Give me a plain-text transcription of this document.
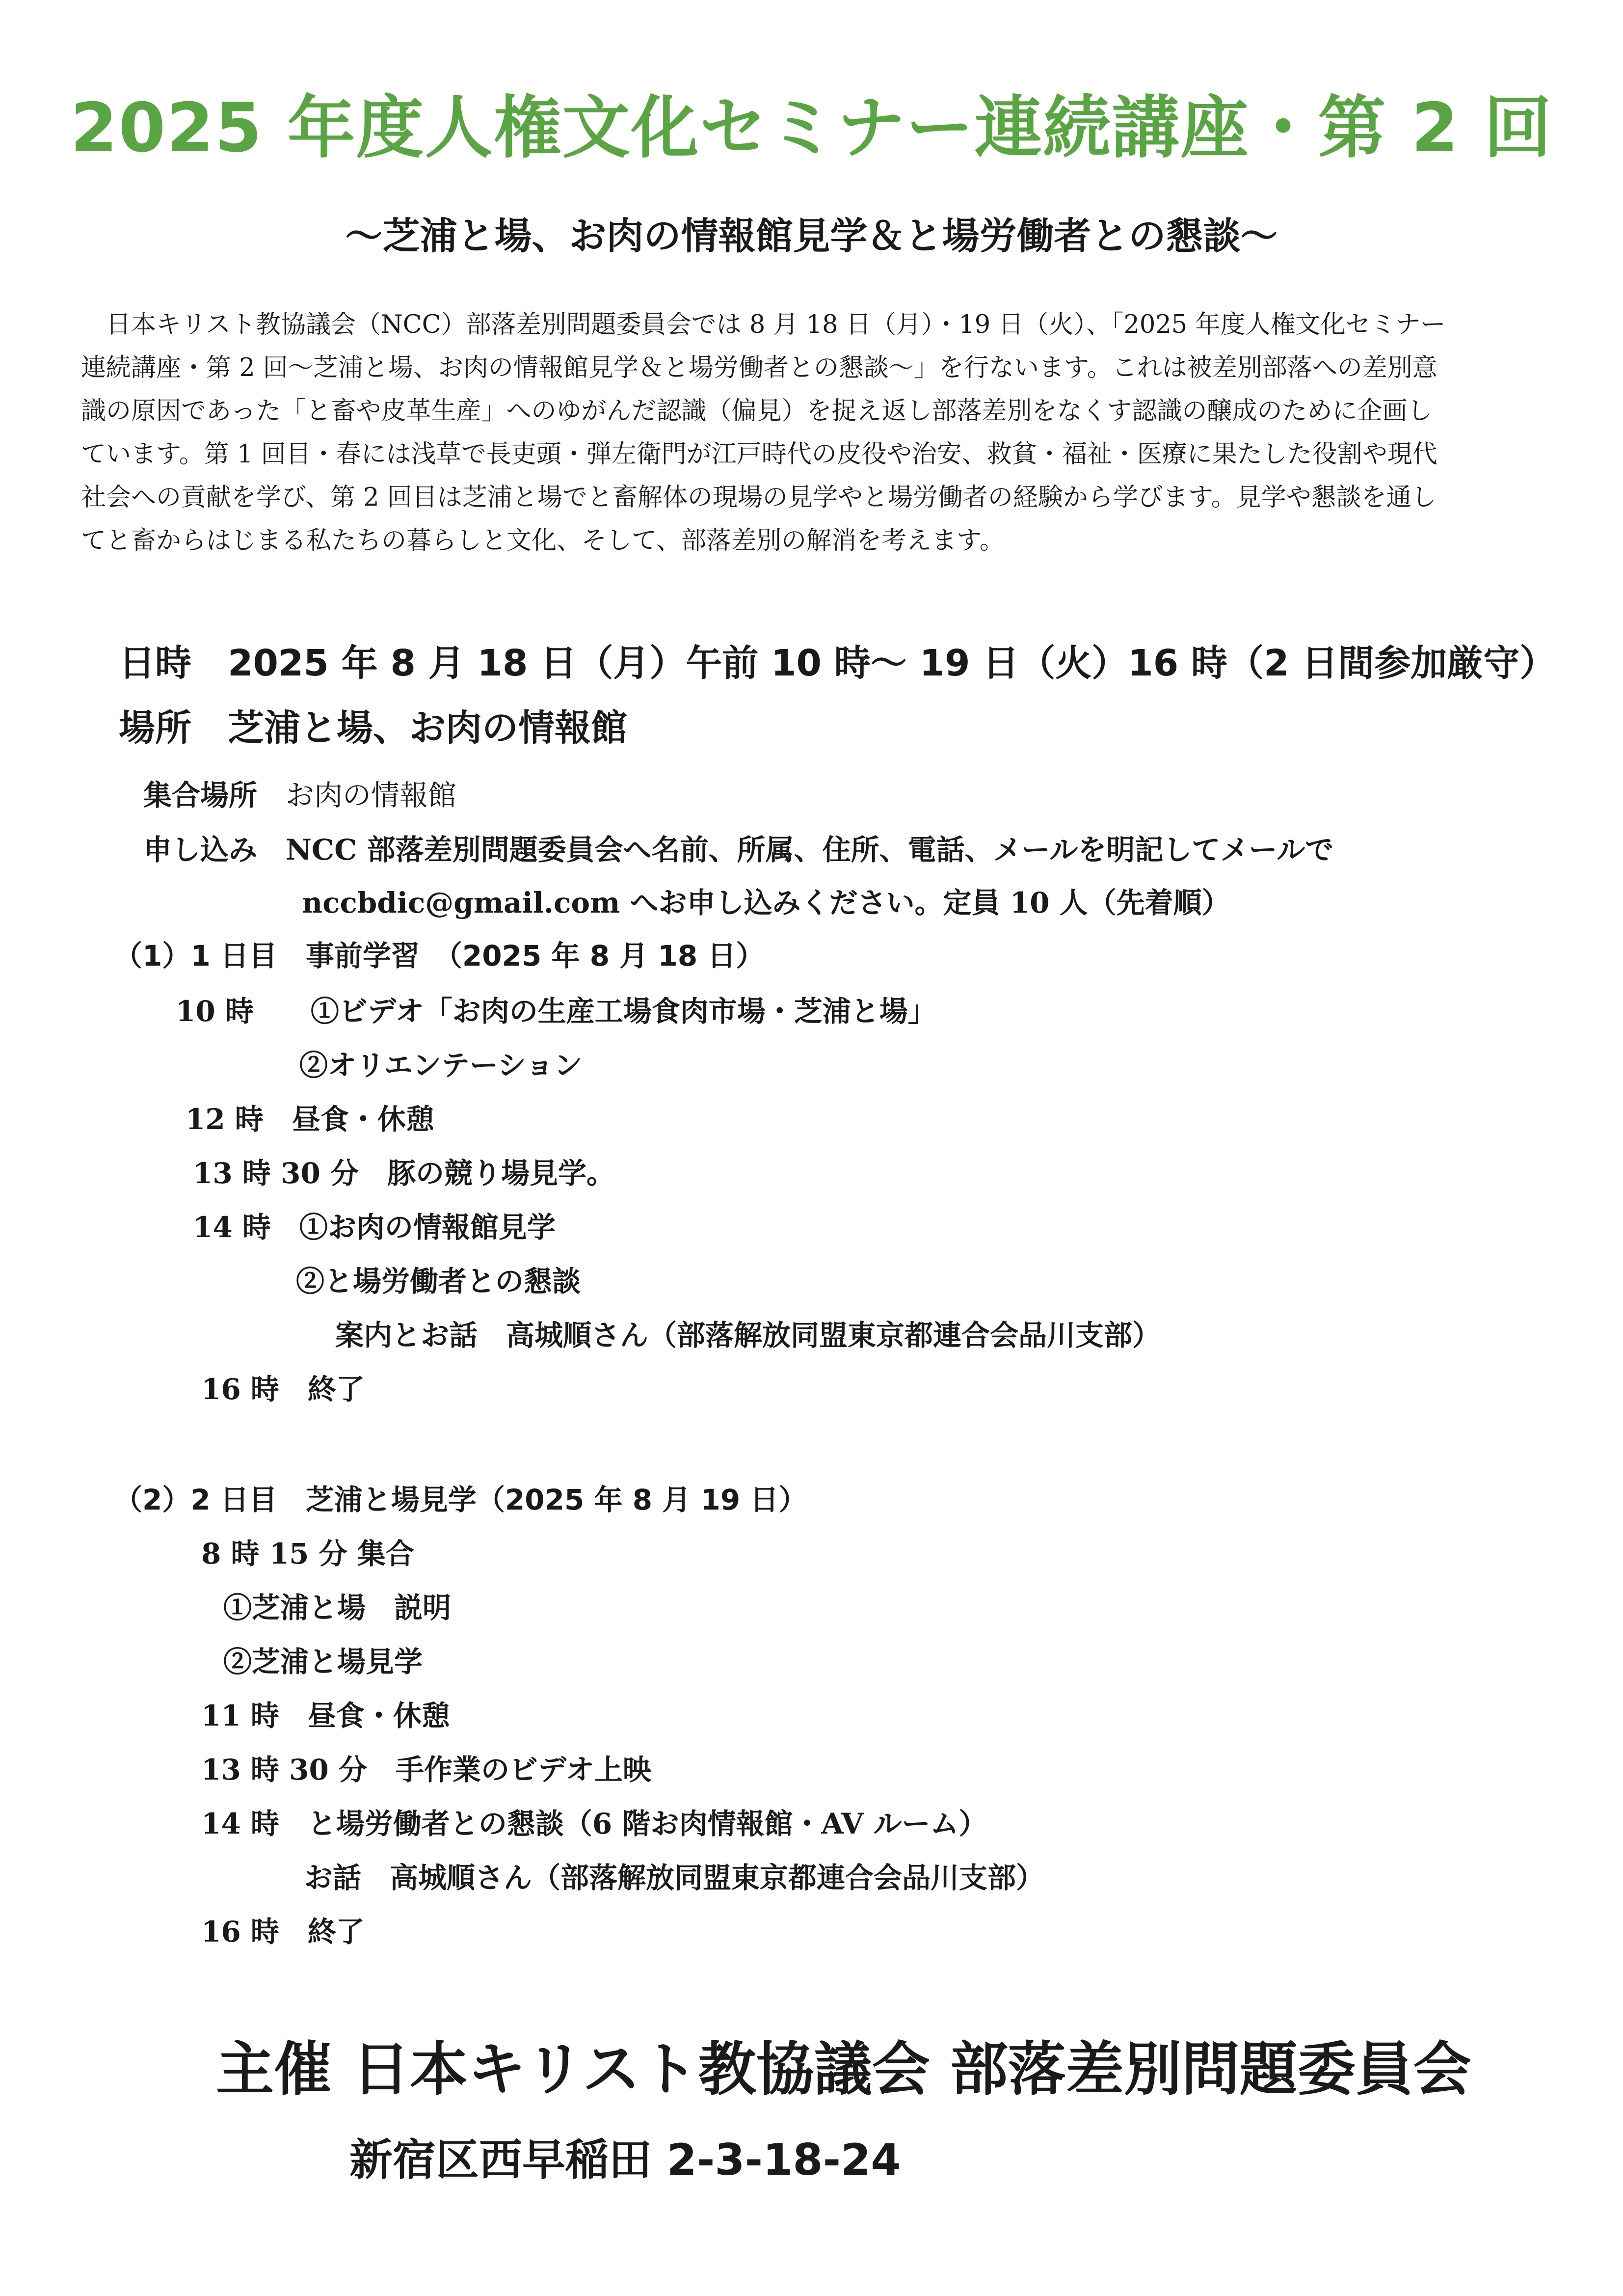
2025 年度人権文化セミナー連続講座・第 2 回
〜芝浦と場、お肉の情報館見学＆と場労働者との懇談〜
　日本キリスト教協議会（NCC）部落差別問題委員会では 8 月 18 日（月）・19 日（火）、「2025 年度人権文化セミナー
連続講座・第 2 回〜芝浦と場、お肉の情報館見学＆と場労働者との懇談〜」を行ないます。これは被差別部落への差別意
識の原因であった「と畜や皮革生産」へのゆがんだ認識（偏見）を捉え返し部落差別をなくす認識の醸成のために企画し
ています。第 1 回目・春には浅草で長吏頭・弾左衛門が江戸時代の皮役や治安、救貧・福祉・医療に果たした役割や現代
社会への貢献を学び、第 2 回目は芝浦と場でと畜解体の現場の見学やと場労働者の経験から学びます。見学や懇談を通し
てと畜からはじまる私たちの暮らしと文化、そして、部落差別の解消を考えます。
日時　 2025 年 8 月 18 日（月）午前 10 時〜 19 日（火）16 時（2 日間参加厳守）
場所　 芝浦と場、お肉の情報館
集合場所　 お肉の情報館
申し込み　 NCC 部落差別問題委員会へ名前、所属、住所、電話、メールを明記してメールで
nccbdic@gmail.com へお申し込みください。定員 10 人（先着順）
（1）1 日目　事前学習　（2025 年 8 月 18 日）
10 時　　①ビデオ「お肉の生産工場食肉市場・芝浦と場」
②オリエンテーション
12 時　昼食・休憩
13 時 30 分　豚の競り場見学。
14 時　①お肉の情報館見学
②と場労働者との懇談
案内とお話　高城順さん（部落解放同盟東京都連合会品川支部）
16 時　終了
（2）2 日目　芝浦と場見学（2025 年 8 月 19 日）
8 時 15 分 集合
①芝浦と場　説明
②芝浦と場見学
11 時　昼食・休憩
13 時 30 分　手作業のビデオ上映
14 時　と場労働者との懇談（6 階お肉情報館・AV ルーム）
お話　高城順さん（部落解放同盟東京都連合会品川支部）
16 時　終了
主催 日本キリスト教協議会 部落差別問題委員会
新宿区西早稲田 2-3-18-24
